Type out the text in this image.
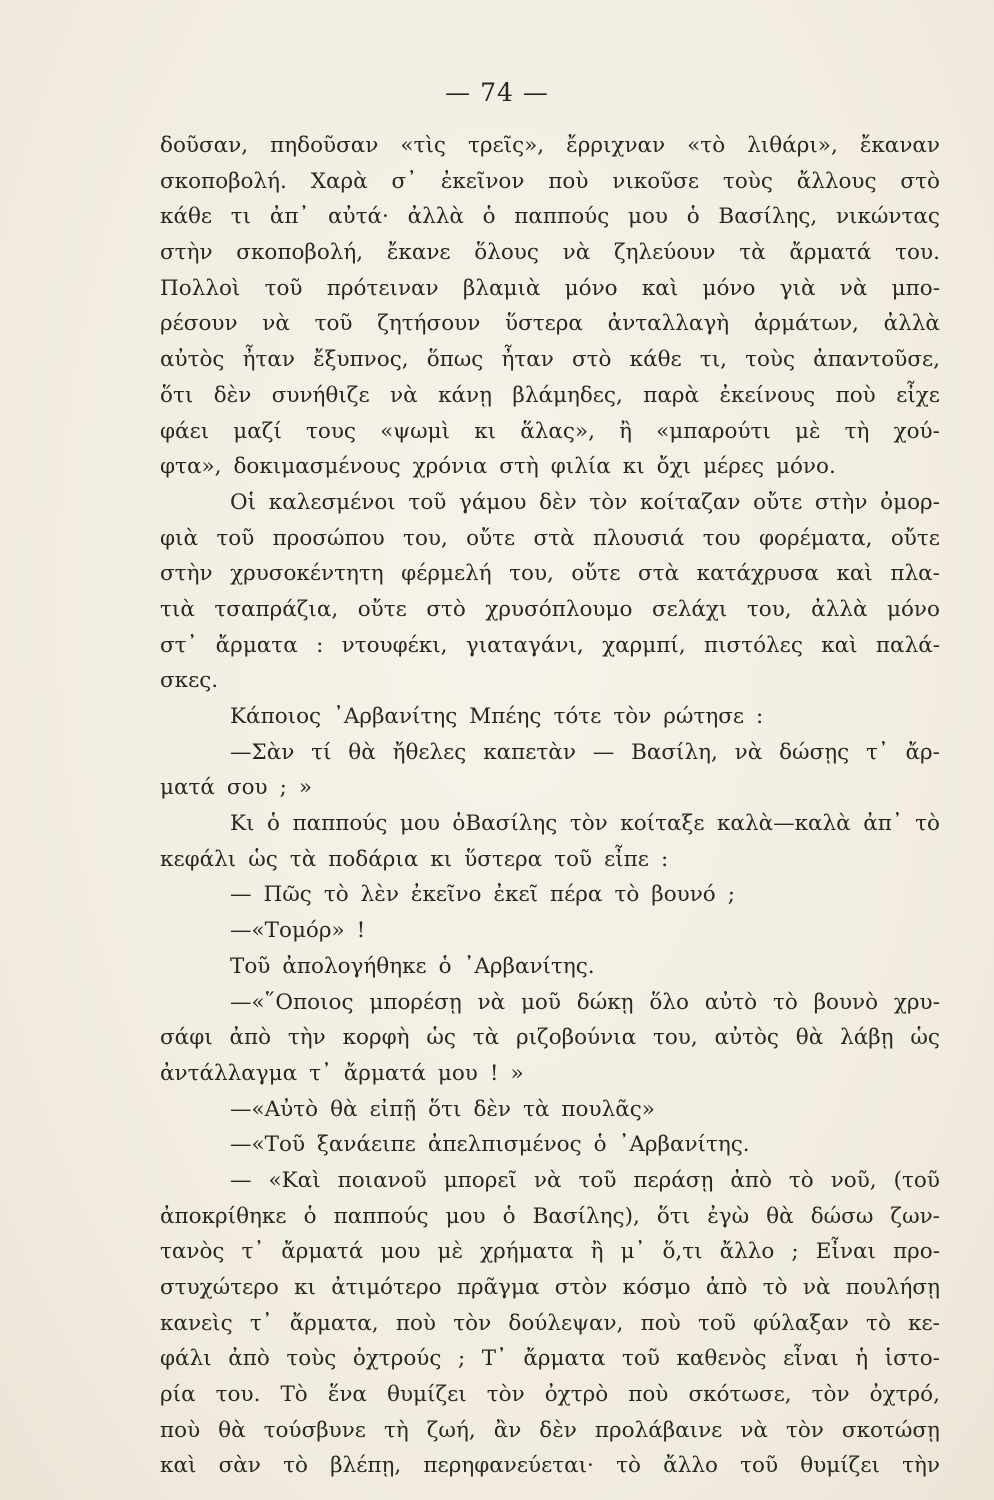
— 74 —
δοῦσαν, πηδοῦσαν «τὶς τρεῖς», ἔρριχναν «τὸ λιθάρι», ἔκαναν
σκοποβολή. Χαρὰ σ᾿ ἐκεῖνον ποὺ νικοῦσε τοὺς ἄλλους στὸ
κάθε τι ἀπ᾿ αὐτά· ἀλλὰ ὁ παππούς μου ὁ Βασίλης, νικώντας
στὴν σκοποβολή, ἔκανε ὅλους νὰ ζηλεύουν τὰ ἄρματά του.
Πολλοὶ τοῦ πρότειναν βλαμιὰ μόνο καὶ μόνο γιὰ νὰ μπο-
ρέσουν νὰ τοῦ ζητήσουν ὕστερα ἀνταλλαγὴ ἀρμάτων, ἀλλὰ
αὐτὸς ἦταν ἔξυπνος, ὅπως ἦταν στὸ κάθε τι, τοὺς ἀπαντοῦσε,
ὅτι δὲν συνήθιζε νὰ κάνῃ βλάμηδες, παρὰ ἐκείνους ποὺ εἶχε
φάει μαζί τους «ψωμὶ κι ἅλας», ἢ «μπαρούτι μὲ τὴ χού-
φτα», δοκιμασμένους χρόνια στὴ φιλία κι ὄχι μέρες μόνο.
Οἱ καλεσμένοι τοῦ γάμου δὲν τὸν κοίταζαν οὔτε στὴν ὀμορ-
φιὰ τοῦ προσώπου του, οὔτε στὰ πλουσιά του φορέματα, οὔτε
στὴν χρυσοκέντητη φέρμελή του, οὔτε στὰ κατάχρυσα καὶ πλα-
τιὰ τσαπράζια, οὔτε στὸ χρυσόπλουμο σελάχι του, ἀλλὰ μόνο
στ᾿ ἄρματα : ντουφέκι, γιαταγάνι, χαρμπί, πιστόλες καὶ παλά-
σκες.
Κάποιος ᾿Αρβανίτης Μπέης τότε τὸν ρώτησε :
—Σὰν τί θὰ ἤθελες καπετὰν — Βασίλη, νὰ δώσῃς τ᾿ ἄρ-
ματά σου ; »
Κι ὁ παππούς μου ὁΒασίλης τὸν κοίταξε καλὰ—καλὰ ἀπ᾿ τὸ
κεφάλι ὡς τὰ ποδάρια κι ὕστερα τοῦ εἶπε :
— Πῶς τὸ λὲν ἐκεῖνο ἐκεῖ πέρα τὸ βουνό ;
—«Τομόρ» !
Τοῦ ἀπολογήθηκε ὁ ᾿Αρβανίτης.
—«῞Οποιος μπορέσῃ νὰ μοῦ δώκῃ ὅλο αὐτὸ τὸ βουνὸ χρυ-
σάφι ἀπὸ τὴν κορφὴ ὡς τὰ ριζοβούνια του, αὐτὸς θὰ λάβῃ ὡς
ἀντάλλαγμα τ᾿ ἄρματά μου ! »
—«Αὐτὸ θὰ εἰπῇ ὅτι δὲν τὰ πουλᾶς»
—«Τοῦ ξανάειπε ἀπελπισμένος ὁ ᾿Αρβανίτης.
— «Καὶ ποιανοῦ μπορεῖ νὰ τοῦ περάσῃ ἀπὸ τὸ νοῦ, (τοῦ
ἀποκρίθηκε ὁ παππούς μου ὁ Βασίλης), ὅτι ἐγὼ θὰ δώσω ζων-
τανὸς τ᾿ ἄρματά μου μὲ χρήματα ἢ μ᾿ ὅ,τι ἄλλο ; Εἶναι προ-
στυχώτερο κι ἀτιμότερο πρᾶγμα στὸν κόσμο ἀπὸ τὸ νὰ πουλήσῃ
κανεὶς τ᾿ ἄρματα, ποὺ τὸν δούλεψαν, ποὺ τοῦ φύλαξαν τὸ κε-
φάλι ἀπὸ τοὺς ὀχτρούς ; Τ᾿ ἄρματα τοῦ καθενὸς εἶναι ἡ ἱστο-
ρία του. Τὸ ἕνα θυμίζει τὸν ὀχτρὸ ποὺ σκότωσε, τὸν ὀχτρό,
ποὺ θὰ τούσβυνε τὴ ζωή, ἂν δὲν προλάβαινε νὰ τὸν σκοτώσῃ
καὶ σὰν τὸ βλέπῃ, περηφανεύεται· τὸ ἄλλο τοῦ θυμίζει τὴν
